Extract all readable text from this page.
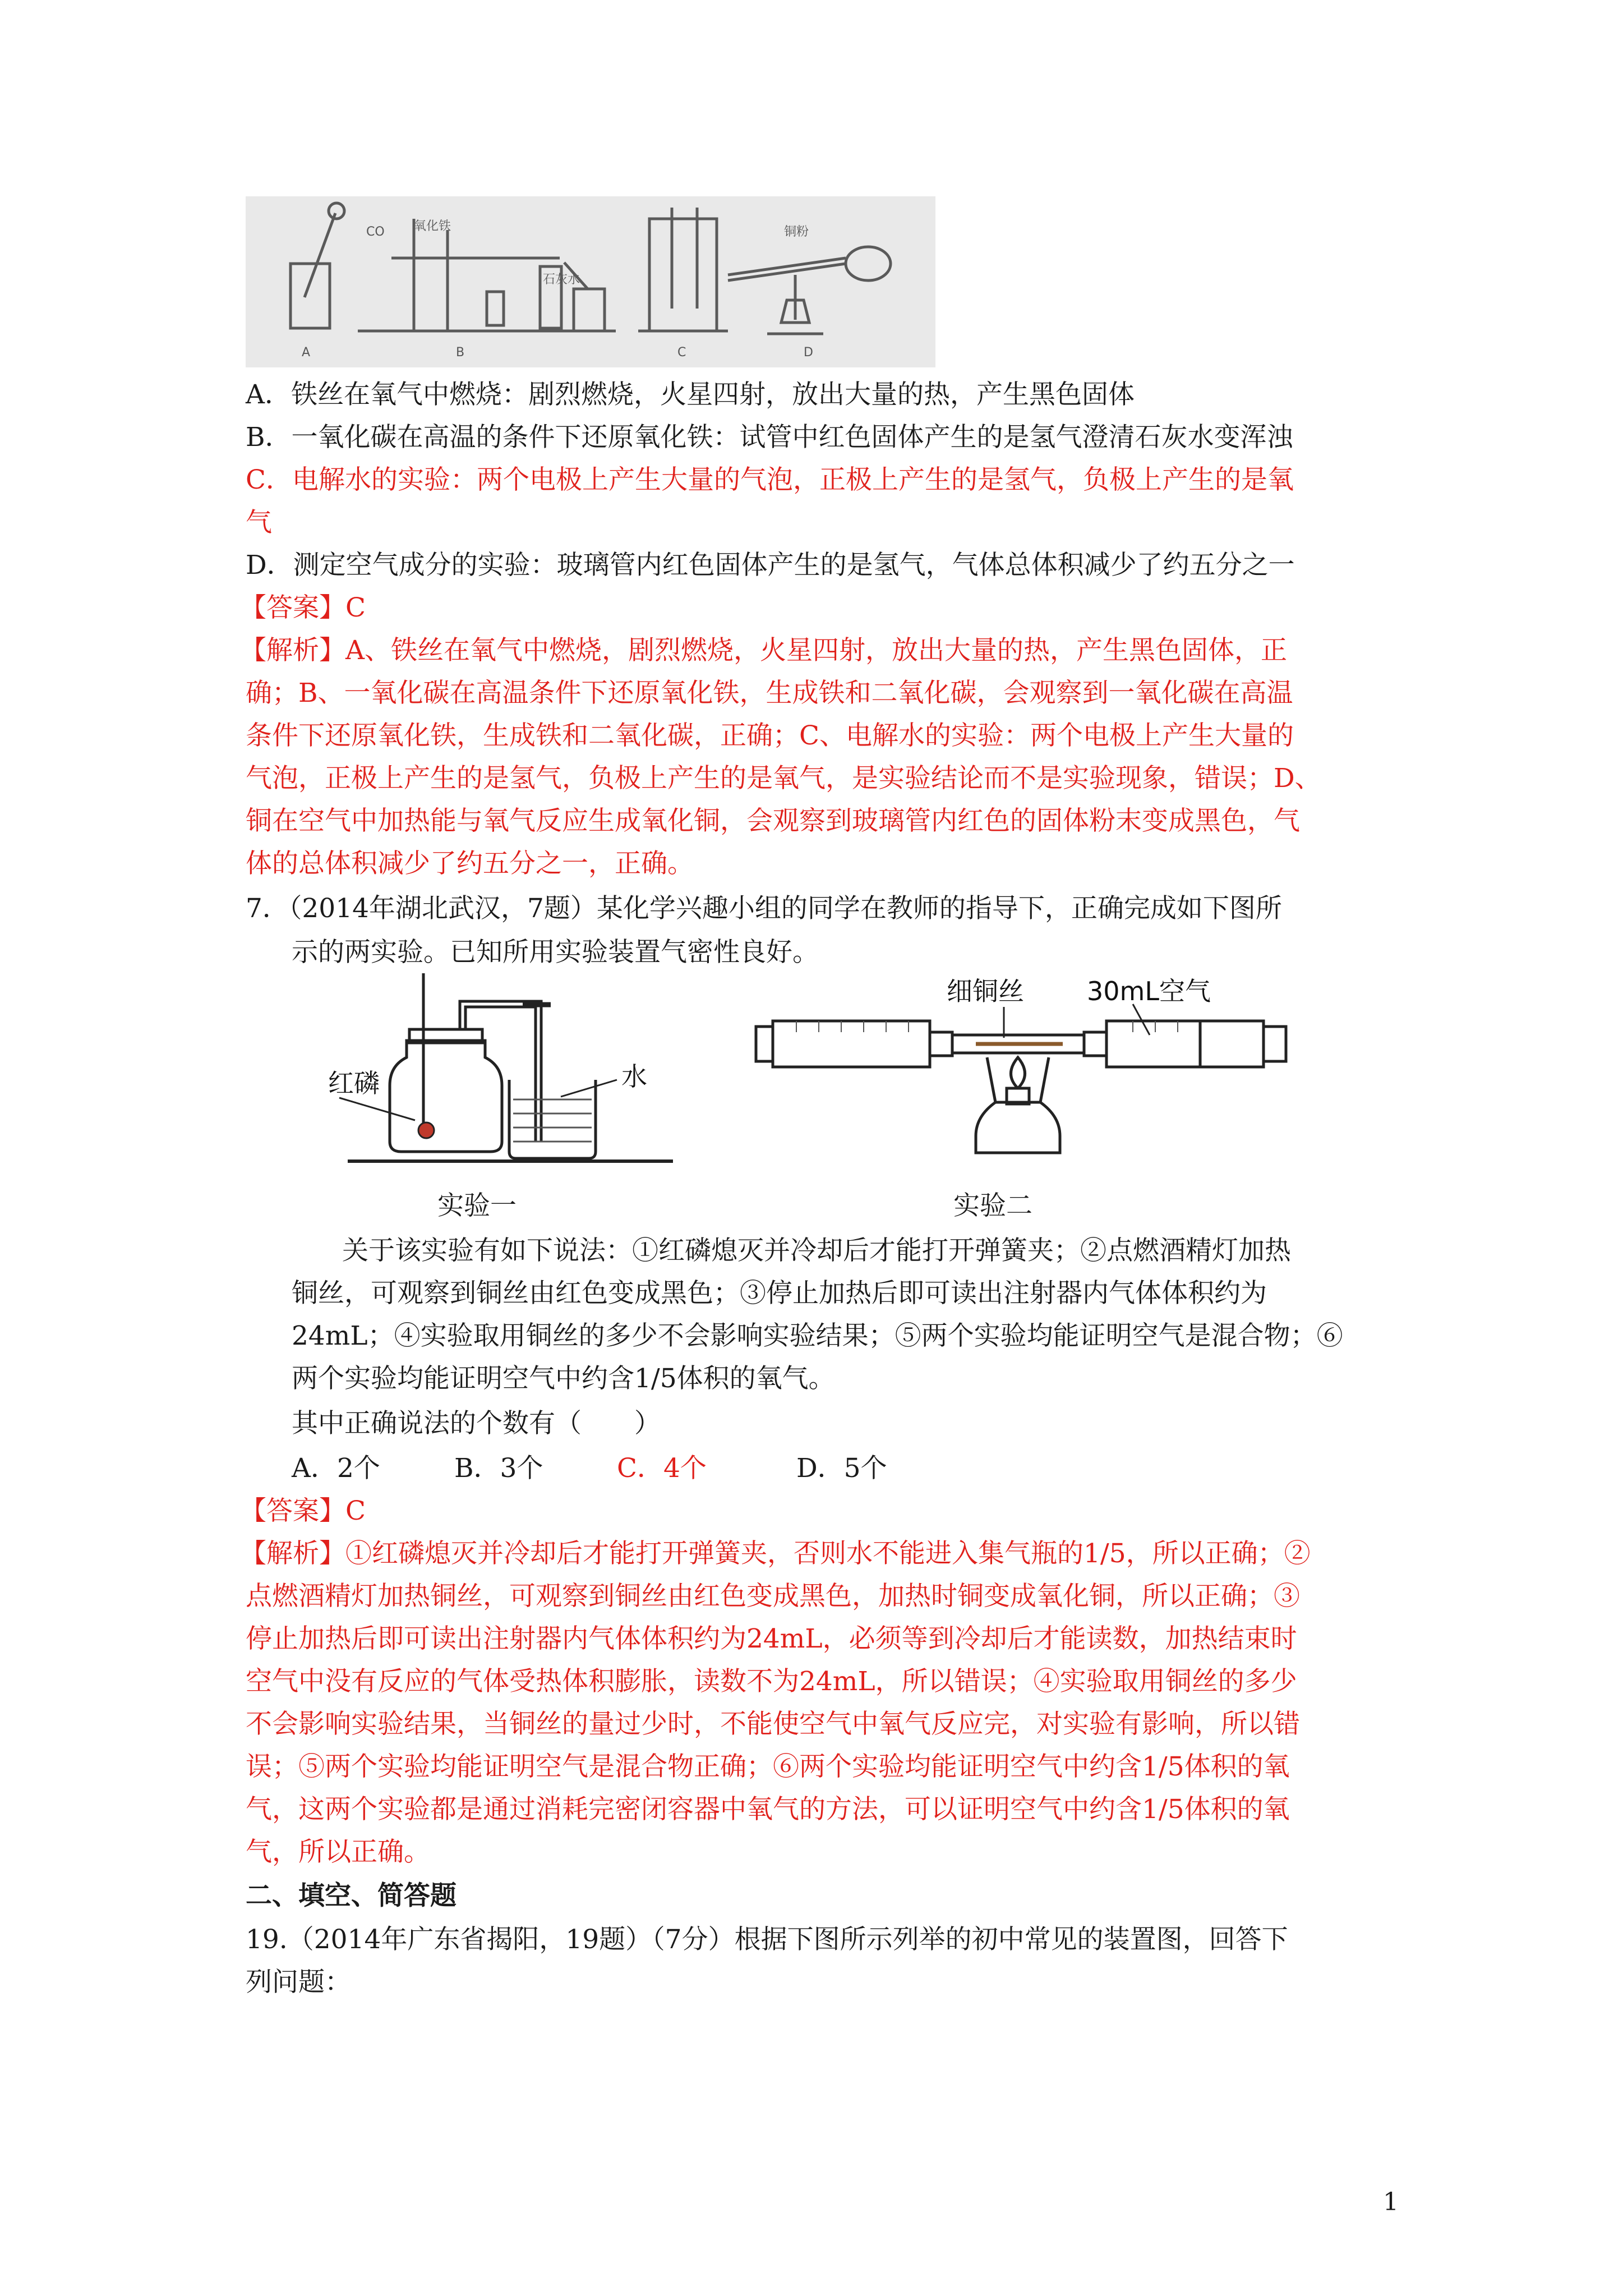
CO 氧化铁
石灰水
铜粉
A	B	C	D
A．铁丝在氧气中燃烧：剧烈燃烧，火星四射，放出大量的热，产生黑色固体
B．一氧化碳在高温的条件下还原氧化铁：试管中红色固体产生的是氢气澄清石灰水变浑浊
C．电解水的实验：两个电极上产生大量的气泡，正极上产生的是氢气，负极上产生的是氧
气
D．测定空气成分的实验：玻璃管内红色固体产生的是氢气，气体总体积减少了约五分之一
【答案】C
【解析】A、铁丝在氧气中燃烧，剧烈燃烧，火星四射，放出大量的热，产生黑色固体，正
确；B、一氧化碳在高温条件下还原氧化铁，生成铁和二氧化碳，会观察到一氧化碳在高温
条件下还原氧化铁，生成铁和二氧化碳，正确；C、电解水的实验：两个电极上产生大量的
气泡，正极上产生的是氢气，负极上产生的是氧气，是实验结论而不是实验现象，错误；D、
铜在空气中加热能与氧气反应生成氧化铜，会观察到玻璃管内红色的固体粉末变成黑色，气
体的总体积减少了约五分之一，正确。
7．（2014年湖北武汉，7题）某化学兴趣小组的同学在教师的指导下，正确完成如下图所
示的两实验。已知所用实验装置气密性良好。
红磷	水
细铜丝 30mL空气
实验一	实验二
关于该实验有如下说法：①红磷熄灭并冷却后才能打开弹簧夹；②点燃酒精灯加热
铜丝，可观察到铜丝由红色变成黑色；③停止加热后即可读出注射器内气体体积约为
24mL；④实验取用铜丝的多少不会影响实验结果；⑤两个实验均能证明空气是混合物；⑥
两个实验均能证明空气中约含1/5体积的氧气。
其中正确说法的个数有（　　）
A．2个	B．3个	C．4个	D．5个
【答案】C
【解析】①红磷熄灭并冷却后才能打开弹簧夹，否则水不能进入集气瓶的1/5，所以正确；②
点燃酒精灯加热铜丝，可观察到铜丝由红色变成黑色，加热时铜变成氧化铜，所以正确；③
停止加热后即可读出注射器内气体体积约为24mL，必须等到冷却后才能读数，加热结束时
空气中没有反应的气体受热体积膨胀，读数不为24mL，所以错误；④实验取用铜丝的多少
不会影响实验结果，当铜丝的量过少时，不能使空气中氧气反应完，对实验有影响，所以错
误；⑤两个实验均能证明空气是混合物正确；⑥两个实验均能证明空气中约含1/5体积的氧
气，这两个实验都是通过消耗完密闭容器中氧气的方法，可以证明空气中约含1/5体积的氧
气，所以正确。
二、填空、简答题
19.（2014年广东省揭阳，19题）（7分）根据下图所示列举的初中常见的装置图，回答下
列问题：
1
